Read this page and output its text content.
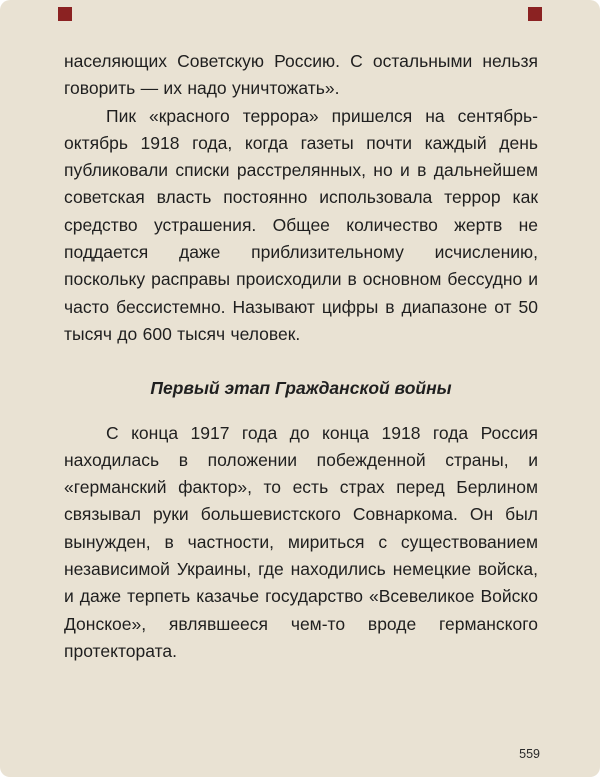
населяющих Советскую Россию. С остальными нельзя говорить — их надо уничтожать».

Пик «красного террора» пришелся на сентябрь-октябрь 1918 года, когда газеты почти каждый день публиковали списки расстрелянных, но и в дальнейшем советская власть постоянно использовала террор как средство устрашения. Общее количество жертв не поддается даже приблизительному исчислению, поскольку расправы происходили в основном бессудно и часто бессистемно. Называют цифры в диапазоне от 50 тысяч до 600 тысяч человек.

Первый этап Гражданской войны

С конца 1917 года до конца 1918 года Россия находилась в положении побежденной страны, и «германский фактор», то есть страх перед Берлином связывал руки большевистского Совнаркома. Он был вынужден, в частности, мириться с существованием независимой Украины, где находились немецкие войска, и даже терпеть казачье государство «Всевеликое Войско Донское», являвшееся чем-то вроде германского протектората.

559
